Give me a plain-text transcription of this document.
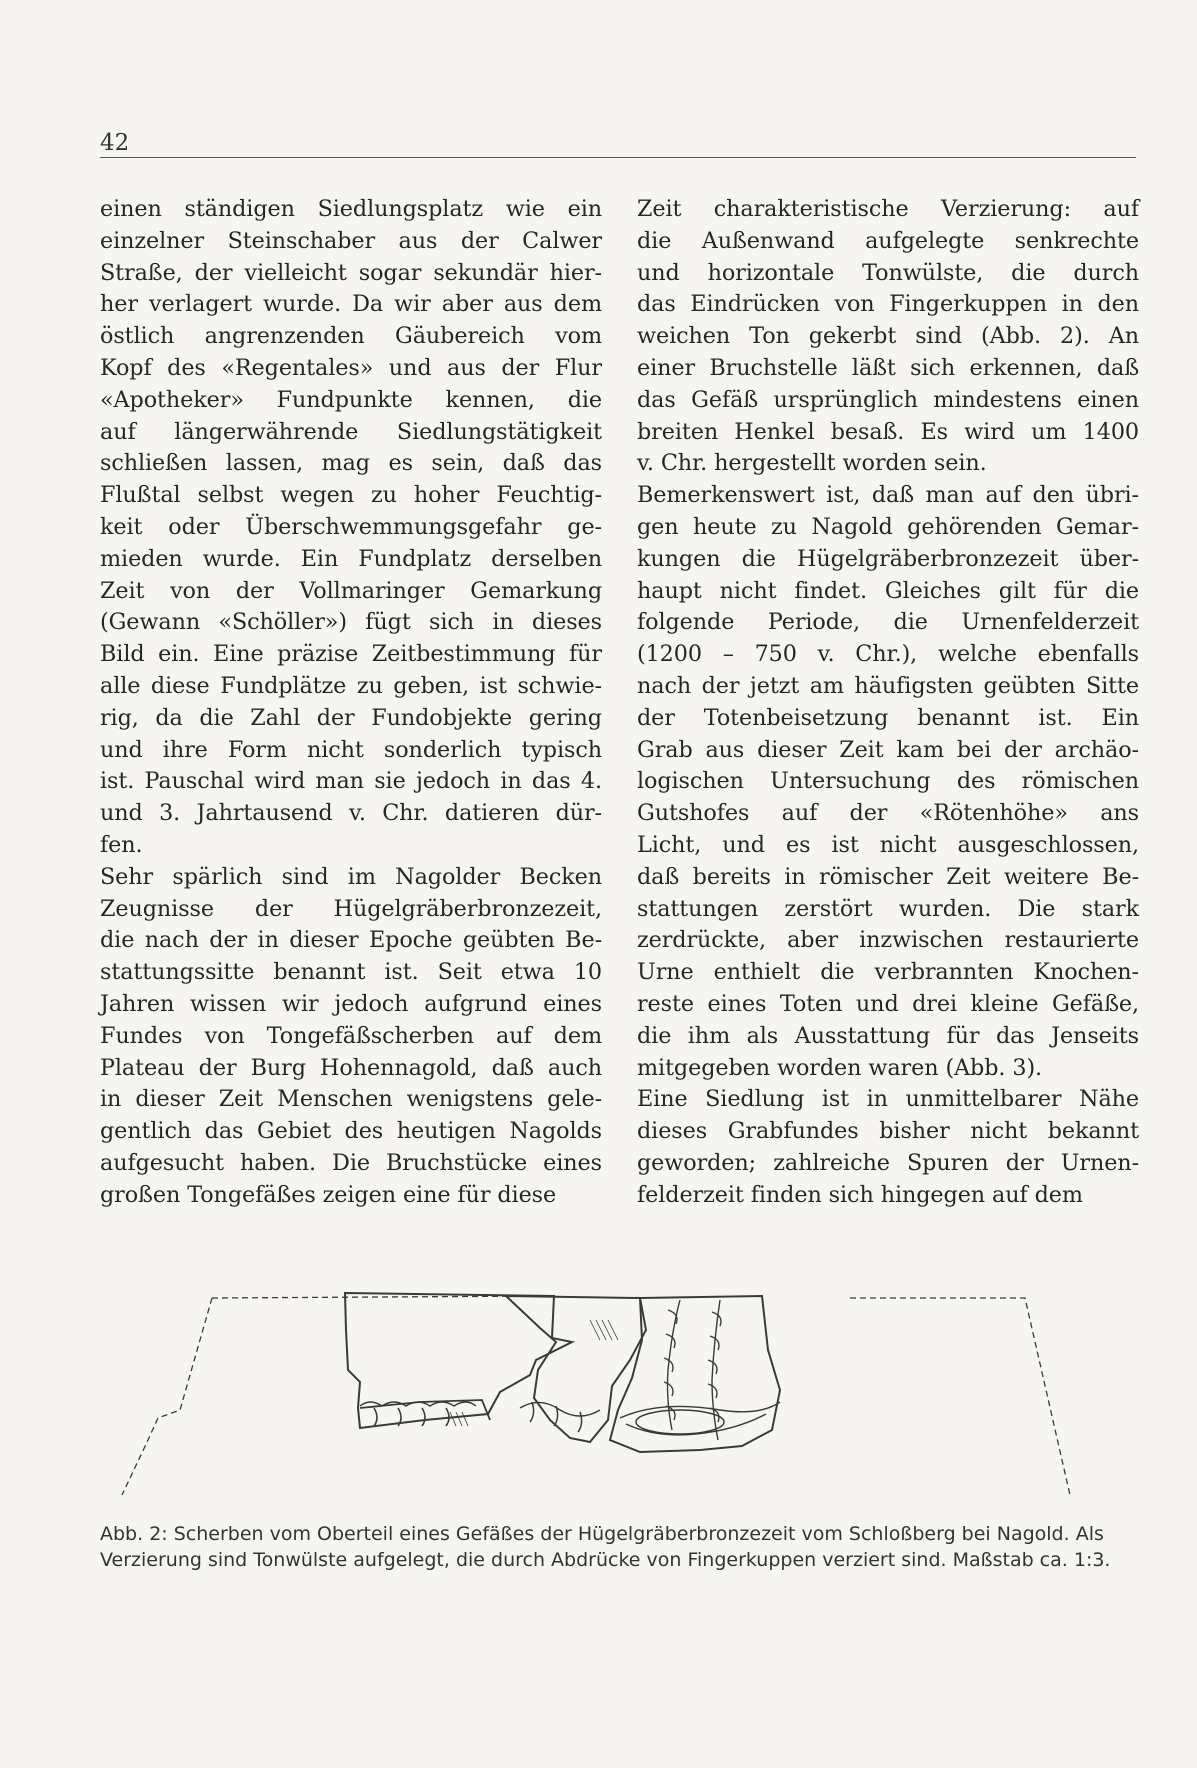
42
einen ständigen Siedlungsplatz wie ein
einzelner Steinschaber aus der Calwer
Straße, der vielleicht sogar sekundär hier-
her verlagert wurde. Da wir aber aus dem
östlich angrenzenden Gäubereich vom
Kopf des «Regentales» und aus der Flur
«Apotheker» Fundpunkte kennen, die
auf längerwährende Siedlungstätigkeit
schließen lassen, mag es sein, daß das
Flußtal selbst wegen zu hoher Feuchtig-
keit oder Überschwemmungsgefahr ge-
mieden wurde. Ein Fundplatz derselben
Zeit von der Vollmaringer Gemarkung
(Gewann «Schöller») fügt sich in dieses
Bild ein. Eine präzise Zeitbestimmung für
alle diese Fundplätze zu geben, ist schwie-
rig, da die Zahl der Fundobjekte gering
und ihre Form nicht sonderlich typisch
ist. Pauschal wird man sie jedoch in das 4.
und 3. Jahrtausend v. Chr. datieren dür-
fen.
Sehr spärlich sind im Nagolder Becken
Zeugnisse der Hügelgräberbronzezeit,
die nach der in dieser Epoche geübten Be-
stattungssitte benannt ist. Seit etwa 10
Jahren wissen wir jedoch aufgrund eines
Fundes von Tongefäßscherben auf dem
Plateau der Burg Hohennagold, daß auch
in dieser Zeit Menschen wenigstens gele-
gentlich das Gebiet des heutigen Nagolds
aufgesucht haben. Die Bruchstücke eines
großen Tongefäßes zeigen eine für diese
Zeit charakteristische Verzierung: auf
die Außenwand aufgelegte senkrechte
und horizontale Tonwülste, die durch
das Eindrücken von Fingerkuppen in den
weichen Ton gekerbt sind (Abb. 2). An
einer Bruchstelle läßt sich erkennen, daß
das Gefäß ursprünglich mindestens einen
breiten Henkel besaß. Es wird um 1400
v. Chr. hergestellt worden sein.
Bemerkenswert ist, daß man auf den übri-
gen heute zu Nagold gehörenden Gemar-
kungen die Hügelgräberbronzezeit über-
haupt nicht findet. Gleiches gilt für die
folgende Periode, die Urnenfelderzeit
(1200 – 750 v. Chr.), welche ebenfalls
nach der jetzt am häufigsten geübten Sitte
der Totenbeisetzung benannt ist. Ein
Grab aus dieser Zeit kam bei der archäo-
logischen Untersuchung des römischen
Gutshofes auf der «Rötenhöhe» ans
Licht, und es ist nicht ausgeschlossen,
daß bereits in römischer Zeit weitere Be-
stattungen zerstört wurden. Die stark
zerdrückte, aber inzwischen restaurierte
Urne enthielt die verbrannten Knochen-
reste eines Toten und drei kleine Gefäße,
die ihm als Ausstattung für das Jenseits
mitgegeben worden waren (Abb. 3).
Eine Siedlung ist in unmittelbarer Nähe
dieses Grabfundes bisher nicht bekannt
geworden; zahlreiche Spuren der Urnen-
felderzeit finden sich hingegen auf dem
Abb. 2: Scherben vom Oberteil eines Gefäßes der Hügelgräberbronzezeit vom Schloßberg bei Nagold. Als Verzierung sind Tonwülste aufgelegt, die durch Abdrücke von Fingerkuppen verziert sind. Maßstab ca. 1:3.
